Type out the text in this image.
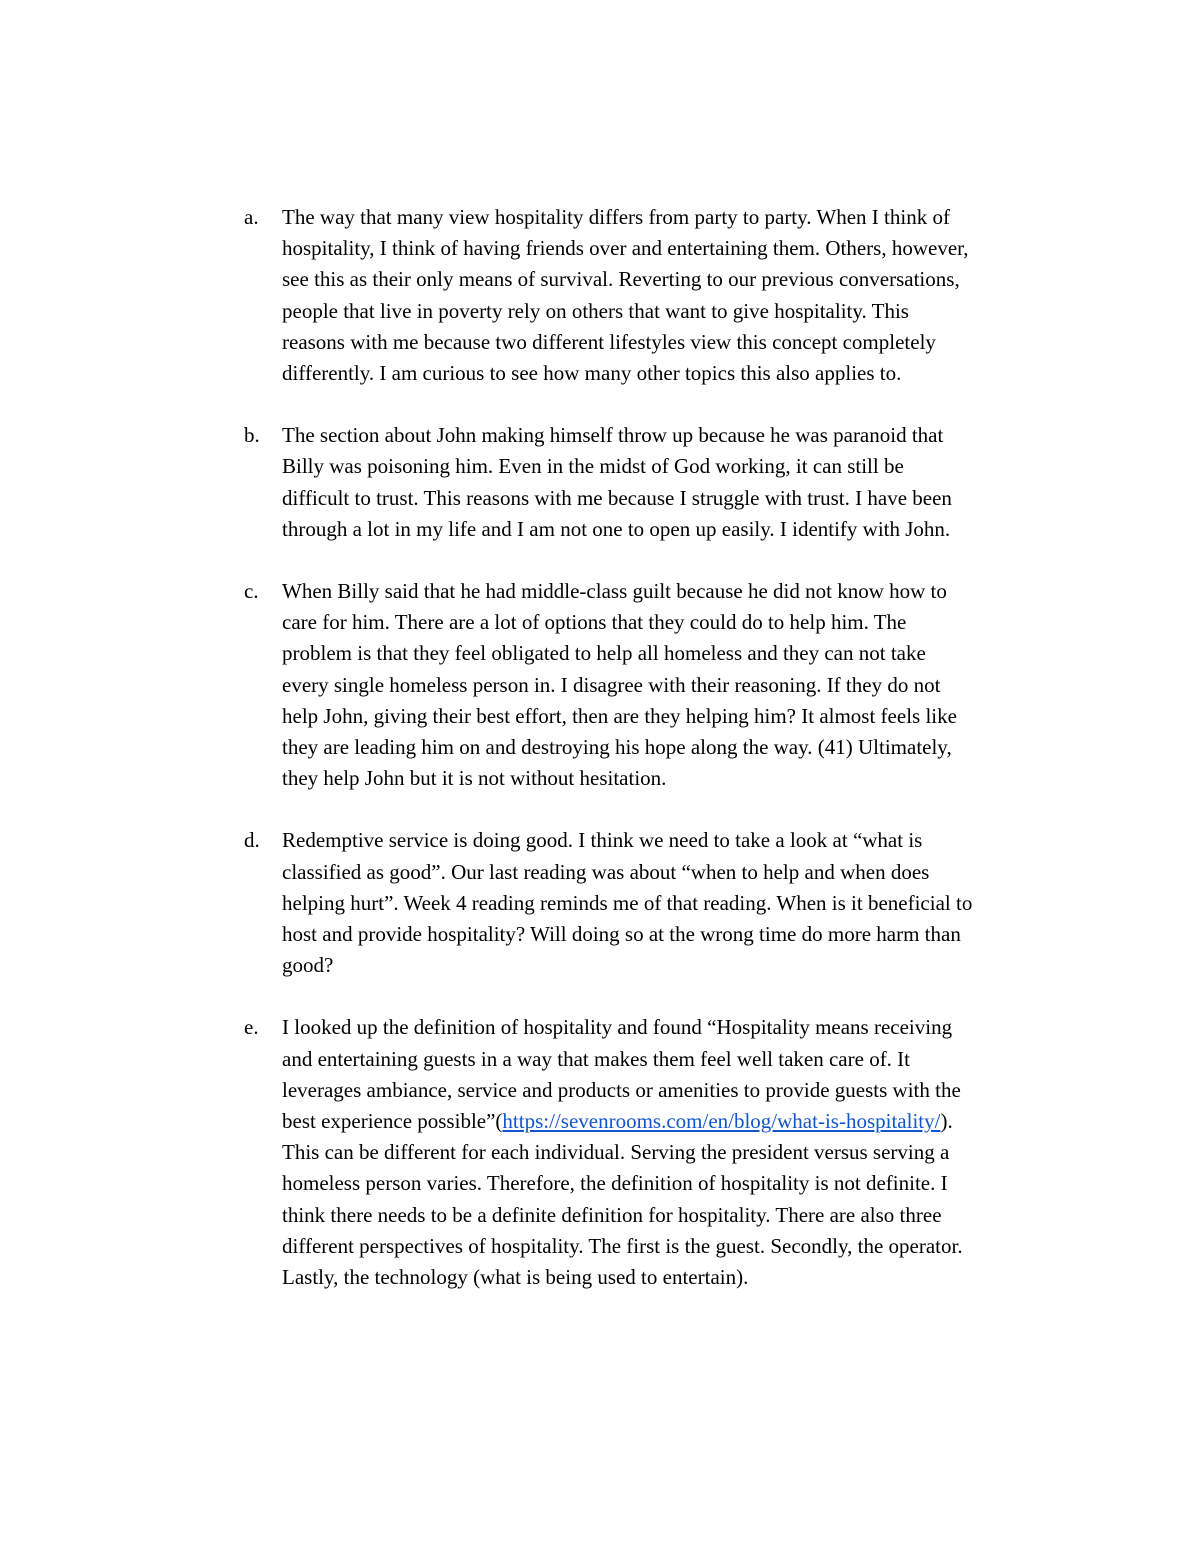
a.	The way that many view hospitality differs from party to party. When I think of
hospitality, I think of having friends over and entertaining them. Others, however,
see this as their only means of survival. Reverting to our previous conversations,
people that live in poverty rely on others that want to give hospitality. This
reasons with me because two different lifestyles view this concept completely
differently. I am curious to see how many other topics this also applies to.
b.	The section about John making himself throw up because he was paranoid that
Billy was poisoning him. Even in the midst of God working, it can still be
difficult to trust. This reasons with me because I struggle with trust. I have been
through a lot in my life and I am not one to open up easily. I identify with John.
c.	When Billy said that he had middle-class guilt because he did not know how to
care for him. There are a lot of options that they could do to help him. The
problem is that they feel obligated to help all homeless and they can not take
every single homeless person in. I disagree with their reasoning. If they do not
help John, giving their best effort, then are they helping him? It almost feels like
they are leading him on and destroying his hope along the way. (41) Ultimately,
they help John but it is not without hesitation.
d.	Redemptive service is doing good. I think we need to take a look at “what is
classified as good”. Our last reading was about “when to help and when does
helping hurt”. Week 4 reading reminds me of that reading. When is it beneficial to
host and provide hospitality? Will doing so at the wrong time do more harm than
good?
e.	I looked up the definition of hospitality and found “Hospitality means receiving
and entertaining guests in a way that makes them feel well taken care of. It
leverages ambiance, service and products or amenities to provide guests with the
best experience possible”(https://sevenrooms.com/en/blog/what-is-hospitality/).
This can be different for each individual. Serving the president versus serving a
homeless person varies. Therefore, the definition of hospitality is not definite. I
think there needs to be a definite definition for hospitality. There are also three
different perspectives of hospitality. The first is the guest. Secondly, the operator.
Lastly, the technology (what is being used to entertain).
